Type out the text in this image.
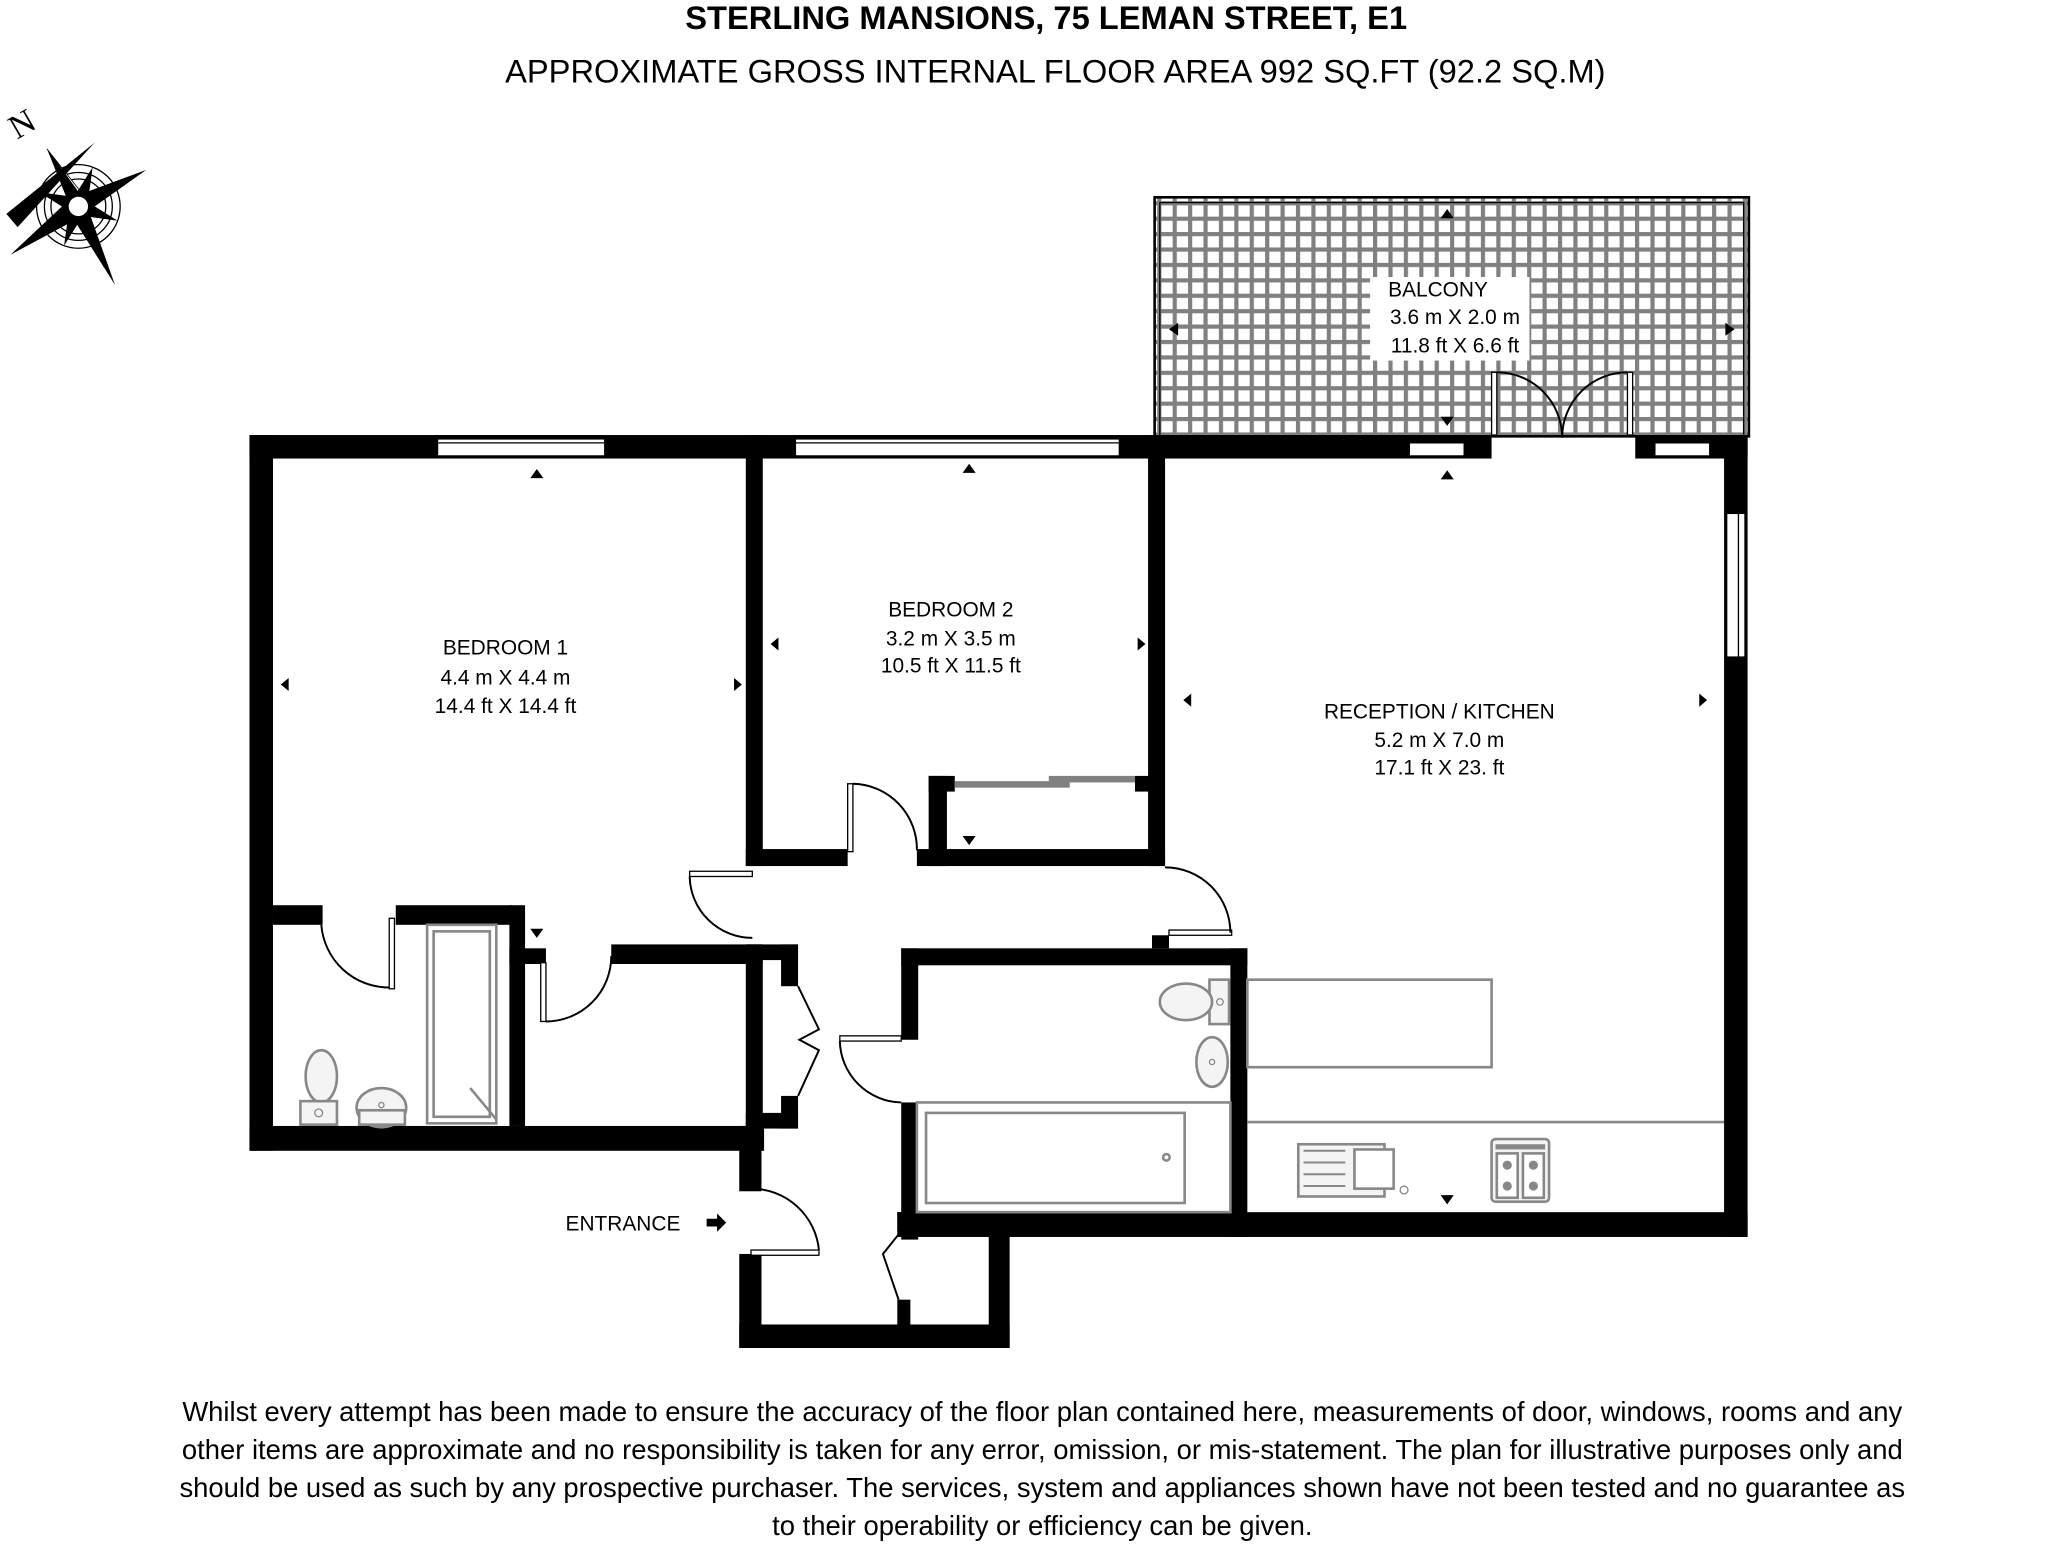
STERLING MANSIONS, 75 LEMAN STREET, E1
APPROXIMATE GROSS INTERNAL FLOOR AREA 992 SQ.FT (92.2 SQ.M)
N
BALCONY
3.6 m X 2.0 m
11.8 ft X 6.6 ft
BEDROOM 1
4.4 m X 4.4 m
14.4 ft X 14.4 ft
BEDROOM 2
3.2 m X 3.5 m
10.5 ft X 11.5 ft
RECEPTION / KITCHEN
5.2 m X 7.0 m
17.1 ft X 23. ft
ENTRANCE
Whilst every attempt has been made to ensure the accuracy of the floor plan contained here, measurements of door, windows, rooms and any
other items are approximate and no responsibility is taken for any error, omission, or mis-statement. The plan for illustrative purposes only and
should be used as such by any prospective purchaser. The services, system and appliances shown have not been tested and no guarantee as
to their operability or efficiency can be given.
